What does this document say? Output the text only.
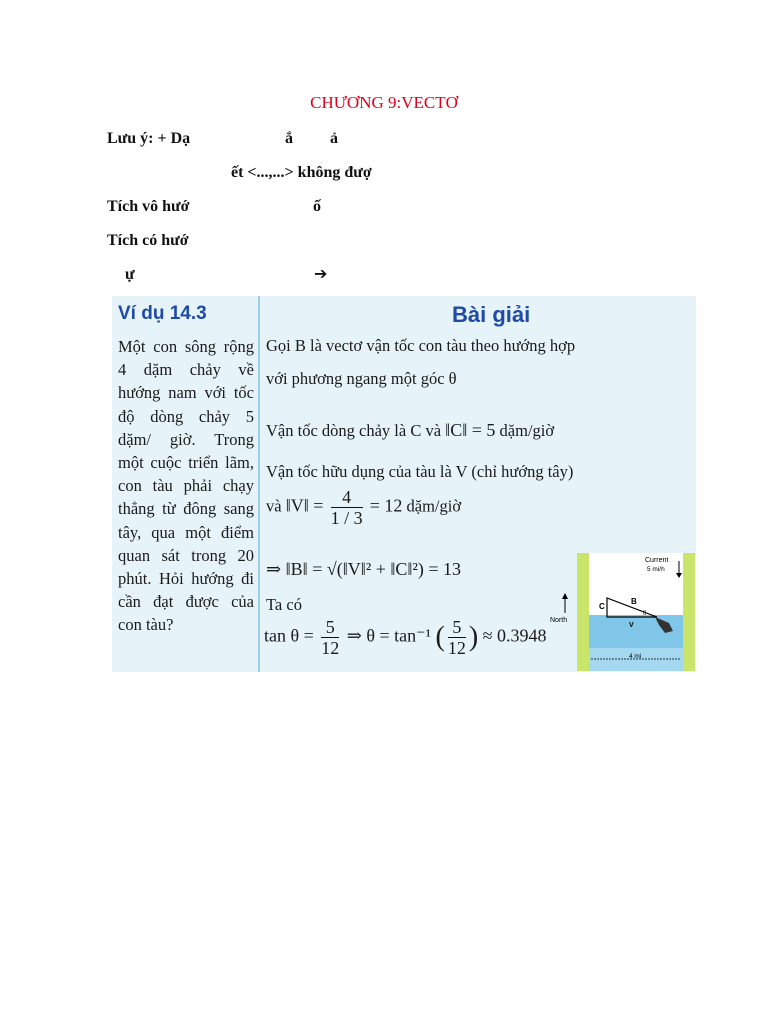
CHƯƠNG 9:VECTƠ
Lưu ý: + Dạ	ắ ả
ết <...,...> không đượ
Tích vô hướ	ố
Tích có hướ
ự	➔
Ví dụ 14.3
Một con sông rộng 4 dặm chảy về hướng nam với tốc độ dòng chảy 5 dặm/ giờ. Trong một cuộc triển lãm, con tàu phải chạy thẳng từ đông sang tây, qua một điểm quan sát trong 20 phút. Hỏi hướng đi cần đạt được của con tàu?
Bài giải
Gọi B là vectơ vận tốc con tàu theo hướng hợp
với phương ngang một góc θ
Vận tốc dòng chảy là C và ‖C‖ = 5 dặm/giờ
Vận tốc hữu dụng của tàu là V (chỉ hướng tây)
và ‖V‖ = $\frac{4}{1 / 3} = 12$ dặm/giờ
⇒ ‖B‖ = √(‖V‖² + ‖C‖²) = 13
Ta có
$\tan \theta = \frac{5}{12}$ ⇒ θ = tan⁻¹ ( $\frac{5}{12}$ ) ≈ 0.3948
Current
5 mi/h
North
C
B
V
θ
4 mi
